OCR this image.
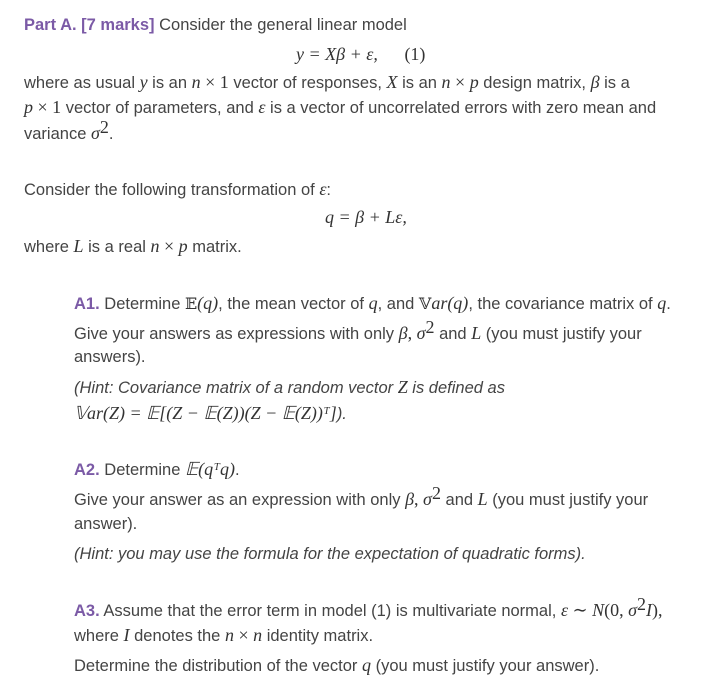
Part A. [7 marks] Consider the general linear model
y = Xβ + ε, (1)
where as usual y is an n × 1 vector of responses, X is an n × p design matrix, β is a
p × 1 vector of parameters, and ε is a vector of uncorrelated errors with zero mean and
variance $\sigma^2$.
Consider the following transformation of ε:
q = β + Lε,
where L is a real n × p matrix.
A1. Determine 𝔼(q), the mean vector of q, and 𝕍ar(q), the covariance matrix of q.
Give your answers as expressions with only β, $\sigma^2$ and L (you must justify your
answers).
(Hint: Covariance matrix of a random vector Z is defined as
𝕍ar(Z) = 𝔼[(Z − 𝔼(Z))(Z − 𝔼(Z))ᵀ]).
A2. Determine 𝔼(qᵀq).
Give your answer as an expression with only β, $\sigma^2$ and L (you must justify your
answer).
(Hint: you may use the formula for the expectation of quadratic forms).
A3. Assume that the error term in model (1) is multivariate normal, ε ∼ N(0, $\sigma^2I$),
where I denotes the n × n identity matrix.
Determine the distribution of the vector q (you must justify your answer).
